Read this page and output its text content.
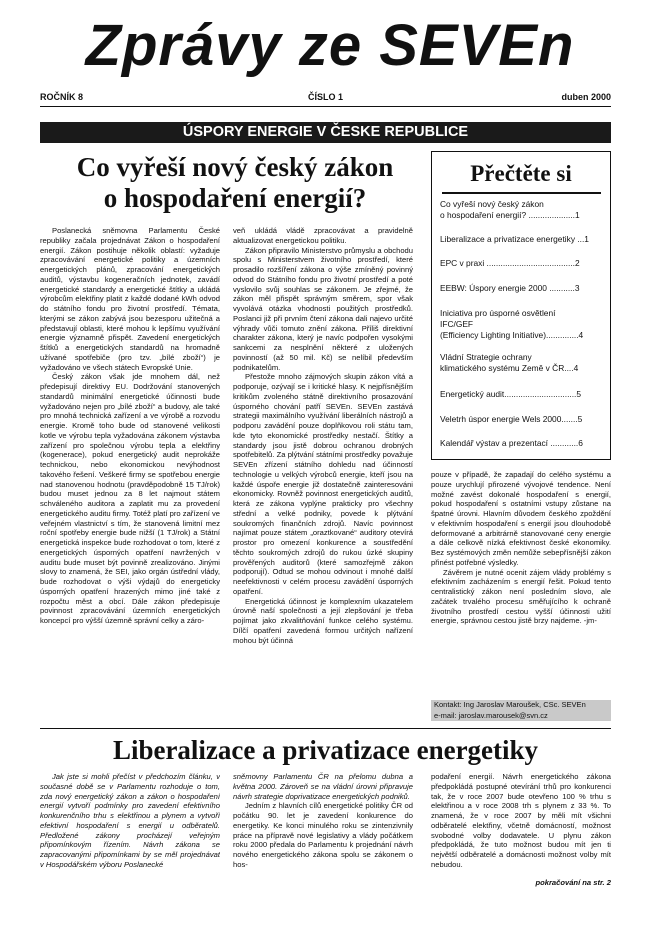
Zprávy ze SEVEn
ROČNÍK 8	ČÍSLO 1	duben 2000
ÚSPORY ENERGIE V ČESKE REPUBLICE
Co vyřeší nový český zákon
o hospodaření energií?

Poslanecká sněmovna Parlamentu České republiky začala projednávat Zákon o hospodaření energií. Zákon postihuje několik oblastí: vyžaduje zpracovávání energetické politiky a územních energetických plánů, zpracování energetických auditů, výstavbu kogeneračních jednotek, zavádí energetické standardy a energetické štítky a ukládá výrobcům elektřiny platit z každé dodané kWh odvod do státního fondu pro životní prostředí. Témata, kterými se zákon zabývá jsou bezesporu užitečná a představují oblasti, které mohou k lepšímu využívání energie významně přispět. Zavedení energetických štítků a energetických standardů na hromadně užívané spotřebiče (pro tzv. „bílé zboží“) je vyžadováno ve všech státech Evropské Unie.

Český zákon však jde mnohem dál, než předepisují direktivy EU. Dodržování stanovených standardů minimální energetické účinnosti bude vyžadováno nejen pro „bílé zboží“ a budovy, ale také pro mnohá technická zařízení a ve výrobě a rozvodu energie. Kromě toho bude od stanovené velikosti kotle ve výrobu tepla vyžadována zákonem výstavba zařízení pro společnou výrobu tepla a elektřiny (kogenerace), pokud energetický audit neprokáže technickou, nebo ekonomickou nevýhodnost takového řešení. Veškeré firmy se spotřebou energie nad stanovenou hodnotu (pravděpodobně 15 TJ/rok) budou muset jednou za 8 let najmout státem schváleného auditora a zaplatit mu za provedení energetického auditu firmy. Totéž platí pro zařízení ve veřejném vlastnictví s tím, že stanovená limitní mez roční spotřeby energie bude nižší (1 TJ/rok) a Státní energetická inspekce bude rozhodovat o tom, které z energetických úsporných opatření navržených v auditu bude muset být povinně zrealizováno. Jinými slovy to znamená, že SEI, jako orgán ústřední vlády, bude rozhodovat o výši výdajů do energeticky úsporných opatření hrazených mimo jiné také z rozpočtu měst a obcí. Dále zákon předepisuje povinnost zpracovávání územních energetických koncepcí pro výšší územně správní celky a záro-

veň ukládá vládě zpracovávat a pravidelně aktualizovat energetickou politiku.

Zákon připravilo Ministerstvo průmyslu a obchodu spolu s Ministerstvem životního prostředí, které prosadilo rozšíření zákona o výše zmíněný povinný odvod do Státního fondu pro životní prostředí a poté vyslovilo svůj souhlas se zákonem. Je zřejmé, že zákon měl přispět správným směrem, spor však vyvolává otázka vhodnosti použitých prostředků. Poslanci již při prvním čtení zákona dali najevo určité výhrady vůči tomuto znění zákona. Příliš direktivní charakter zákona, který je navíc podpořen vysokými sankcemi za nesplnění některé z uložených povinností (až 50 mil. Kč) se nelíbil především podnikatelům.

Přestože mnoho zájmových skupin zákon vítá a podporuje, ozývají se i kritické hlasy. K nejpřísnějším kritikům zvoleného státně direktivního prosazování úsporného chování patří SEVEn. SEVEn zastává strategii maximálního využívání liberálních nástrojů a podporu zavádění pouze doplňkovou roli státu tam, kde tyto ekonomické prostředky nestačí. Štítky a standardy jsou jistě dobrou ochranou drobných spotřebitelů. Za plýtvání státními prostředky považuje SEVEn zřízení státního dohledu nad účinností technologie u velkých výrobců energie, kteří jsou na každé úspoře energie již dostatečně zainteresováni ekonomicky. Rovněž povinnost energetických auditů, která ze zákona vyplýne prakticky pro všechny střední a velké podniky, povede k plýtvání soukromých finančních zdrojů. Navíc povinnost najímat pouze státem „oraztkované“ auditory otevírá prostor pro omezení konkurence a soustředění těchto soukromých zdrojů do rukou úzké skupiny prověřených auditorů (které samozřejmě zákon podporují). Odtud se mohou odvinout i mnohé další neefektivnosti v celém procesu zavádění úsporných opatření.

Energetická účinnost je komplexním ukazatelem úrovně naší společnosti a její zlepšování je třeba pojímat jako zkvalitňování funkce celého systému. Dílčí opatření zavedená formou určitých nařízení mohou být účinná

Přečtěte si
Co vyřeší nový český zákon
o hospodaření energií? ....................1
Liberalizace a privatizace energetiky ...1
EPC v praxi ......................................2
EEBW: Úspory energie 2000 ...........3
Iniciativa pro úsporné osvětlení
IFC/GEF
(Efficiency Lighting Initiative)..............4
Vládní Strategie ochrany
klimatického systému Země v ČR....4
Energetický audit...............................5
Veletrh úspor energie Wels 2000.......5
Kalendář výstav a prezentací ............6

pouze v případě, že zapadají do celého systému a pouze urychlují přirozené vývojové tendence. Není možné zavést dokonalé hospodaření s energií, pokud hospodaření s ostatními vstupy zůstane na špatné úrovni. Hlavním důvodem českého zpoždění v efektivním hospodaření s energií jsou dlouhodobě deformované a arbitrárně stanovované ceny energie a dále celkově nízká efektivnost české ekonomiky. Bez systémových změn nemůže sebepřísnější zákon přinést potřebné výsledky.

Závěrem je nutné ocenit zájem vlády problémy s efektivním zacházením s energií řešit. Pokud tento centralistický zákon není posledním slovo, ale začátek trvalého procesu směřujícího k ochraně životního prostředí cestou vyšší účinnosti užití energie, správnou cestou jistě brzy najdeme. -jm-

Kontakt: Ing Jaroslav Maroušek, CSc. SEVEn
e-mail: jaroslav.marousek@svn.cz
Liberalizace a privatizace energetiky

Jak jste si mohli přečíst v předchozím článku, v současné době se v Parlamentu rozhoduje o tom, zda nový energetický zákon a zákon o hospodaření energií vytvoří podmínky pro zavedení efektivního konkurenčního trhu s elektřinou a plynem a vytvoří efektivní hospodaření s energií u odběratelů. Předložené zákony procházejí veřejným připomínkovým řízením. Návrh zákona se zapracovanými připomínkami by se měl projednávat v Hospodářském výboru Poslanecké

sněmovny Parlamentu ČR na přelomu dubna a května 2000. Zároveň se na vládní úrovni připravuje návrh strategie doprivatizace energetických podniků.

Jedním z hlavních cílů energetické politiky ČR od počátku 90. let je zavedení konkurence do energetiky. Ke konci minulého roku se zintenzivnily práce na přípravě nové legislativy a vlády počátkem roku 2000 předala do Parlamentu k projednání návrh nového energetického zákona spolu se zákonem o hos-

podaření energií. Návrh energetického zákona předpokládá postupné otevírání trhů pro konkurenci tak, že v roce 2007 bude otevřeno 100 % trhu s elektřinou a v roce 2008 trh s plynem z 33 %. To znamená, že v roce 2007 by měli mít všichni odběratelé elektřiny, včetně domácností, možnost svobodné volby dodavatele. U plynu zákon předpokládá, že tuto možnost budou mít jen ti největší odběratelé a domácnosti možnost volby mít nebudou.

pokračování na str. 2
